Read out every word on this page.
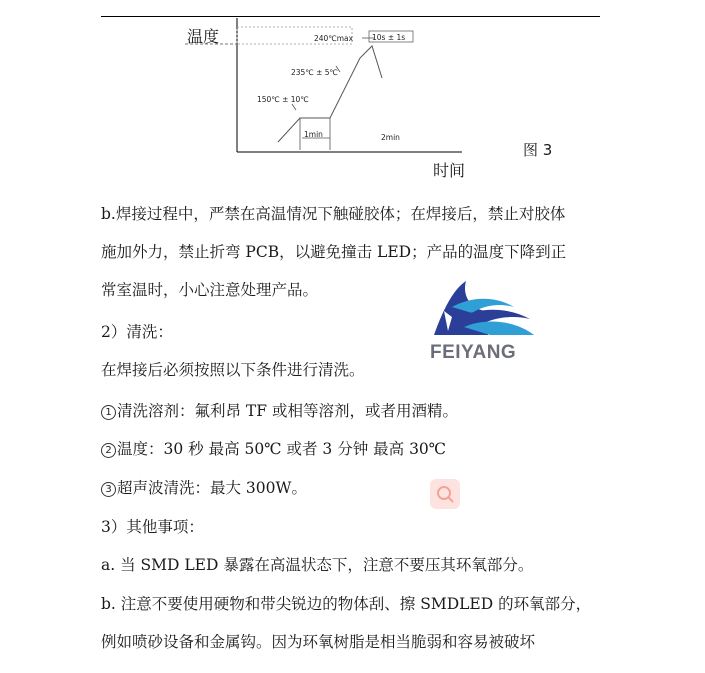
温度
时间
图 3
240℃max	10s ± 1s
235℃ ± 5℃
150℃ ± 10℃
1min	2min
b.焊接过程中，严禁在高温情况下触碰胶体；在焊接后，禁止对胶体
施加外力，禁止折弯 PCB，以避免撞击 LED；产品的温度下降到正
常室温时，小心注意处理产品。
2）清洗：
在焊接后必须按照以下条件进行清洗。
1 清洗溶剂：氟利昂 TF 或相等溶剂，或者用酒精。
2 温度：30 秒 最高 50℃ 或者 3 分钟 最高 30℃
3 超声波清洗：最大 300W。
3）其他事项：
a. 当 SMD LED 暴露在高温状态下，注意不要压其环氧部分。
b. 注意不要使用硬物和带尖锐边的物体刮、擦 SMDLED 的环氧部分，
例如喷砂设备和金属钩。因为环氧树脂是相当脆弱和容易被破坏
FEIYANG
